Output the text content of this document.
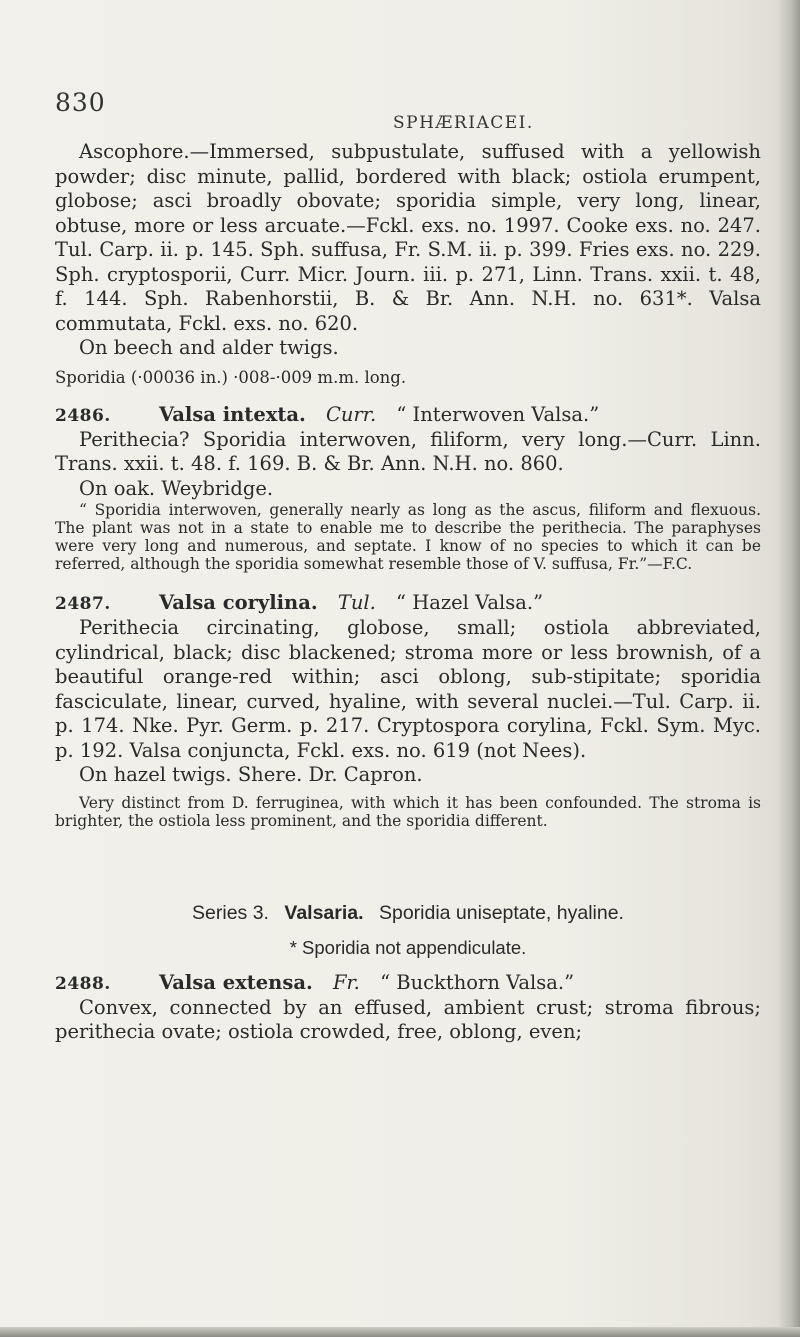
830
SPHÆRIACEI.

Ascophore.—Immersed, subpustulate, suffused with a yellowish powder; disc minute, pallid, bordered with black; ostiola erumpent, globose; asci broadly obovate; sporidia simple, very long, linear, obtuse, more or less arcuate.—Fckl. exs. no. 1997. Cooke exs. no. 247. Tul. Carp. ii. p. 145. Sph. suffusa, Fr. S.M. ii. p. 399. Fries exs. no. 229. Sph. cryptosporii, Curr. Micr. Journ. iii. p. 271, Linn. Trans. xxii. t. 48, f. 144. Sph. Rabenhorstii, B. & Br. Ann. N.H. no. 631*. Valsa commutata, Fckl. exs. no. 620.

On beech and alder twigs.

Sporidia (·00036 in.) ·008-·009 m.m. long.

2486. Valsa intexta. Curr. “ Interwoven Valsa.”

Perithecia? Sporidia interwoven, filiform, very long.—Curr. Linn. Trans. xxii. t. 48. f. 169. B. & Br. Ann. N.H. no. 860.

On oak. Weybridge.

“ Sporidia interwoven, generally nearly as long as the ascus, filiform and flexuous. The plant was not in a state to enable me to describe the perithecia. The paraphyses were very long and numerous, and septate. I know of no species to which it can be referred, although the sporidia somewhat resemble those of V. suffusa, Fr.”—F.C.

2487. Valsa corylina. Tul. “ Hazel Valsa.”

Perithecia circinating, globose, small; ostiola abbreviated, cylindrical, black; disc blackened; stroma more or less brownish, of a beautiful orange-red within; asci oblong, sub-stipitate; sporidia fasciculate, linear, curved, hyaline, with several nuclei.—Tul. Carp. ii. p. 174. Nke. Pyr. Germ. p. 217. Cryptospora corylina, Fckl. Sym. Myc. p. 192. Valsa conjuncta, Fckl. exs. no. 619 (not Nees).

On hazel twigs. Shere. Dr. Capron.

Very distinct from D. ferruginea, with which it has been confounded. The stroma is brighter, the ostiola less prominent, and the sporidia different.

Series 3. Valsaria. Sporidia uniseptate, hyaline.
* Sporidia not appendiculate.
2488. Valsa extensa. Fr. “ Buckthorn Valsa.”

Convex, connected by an effused, ambient crust; stroma fibrous; perithecia ovate; ostiola crowded, free, oblong, even;
